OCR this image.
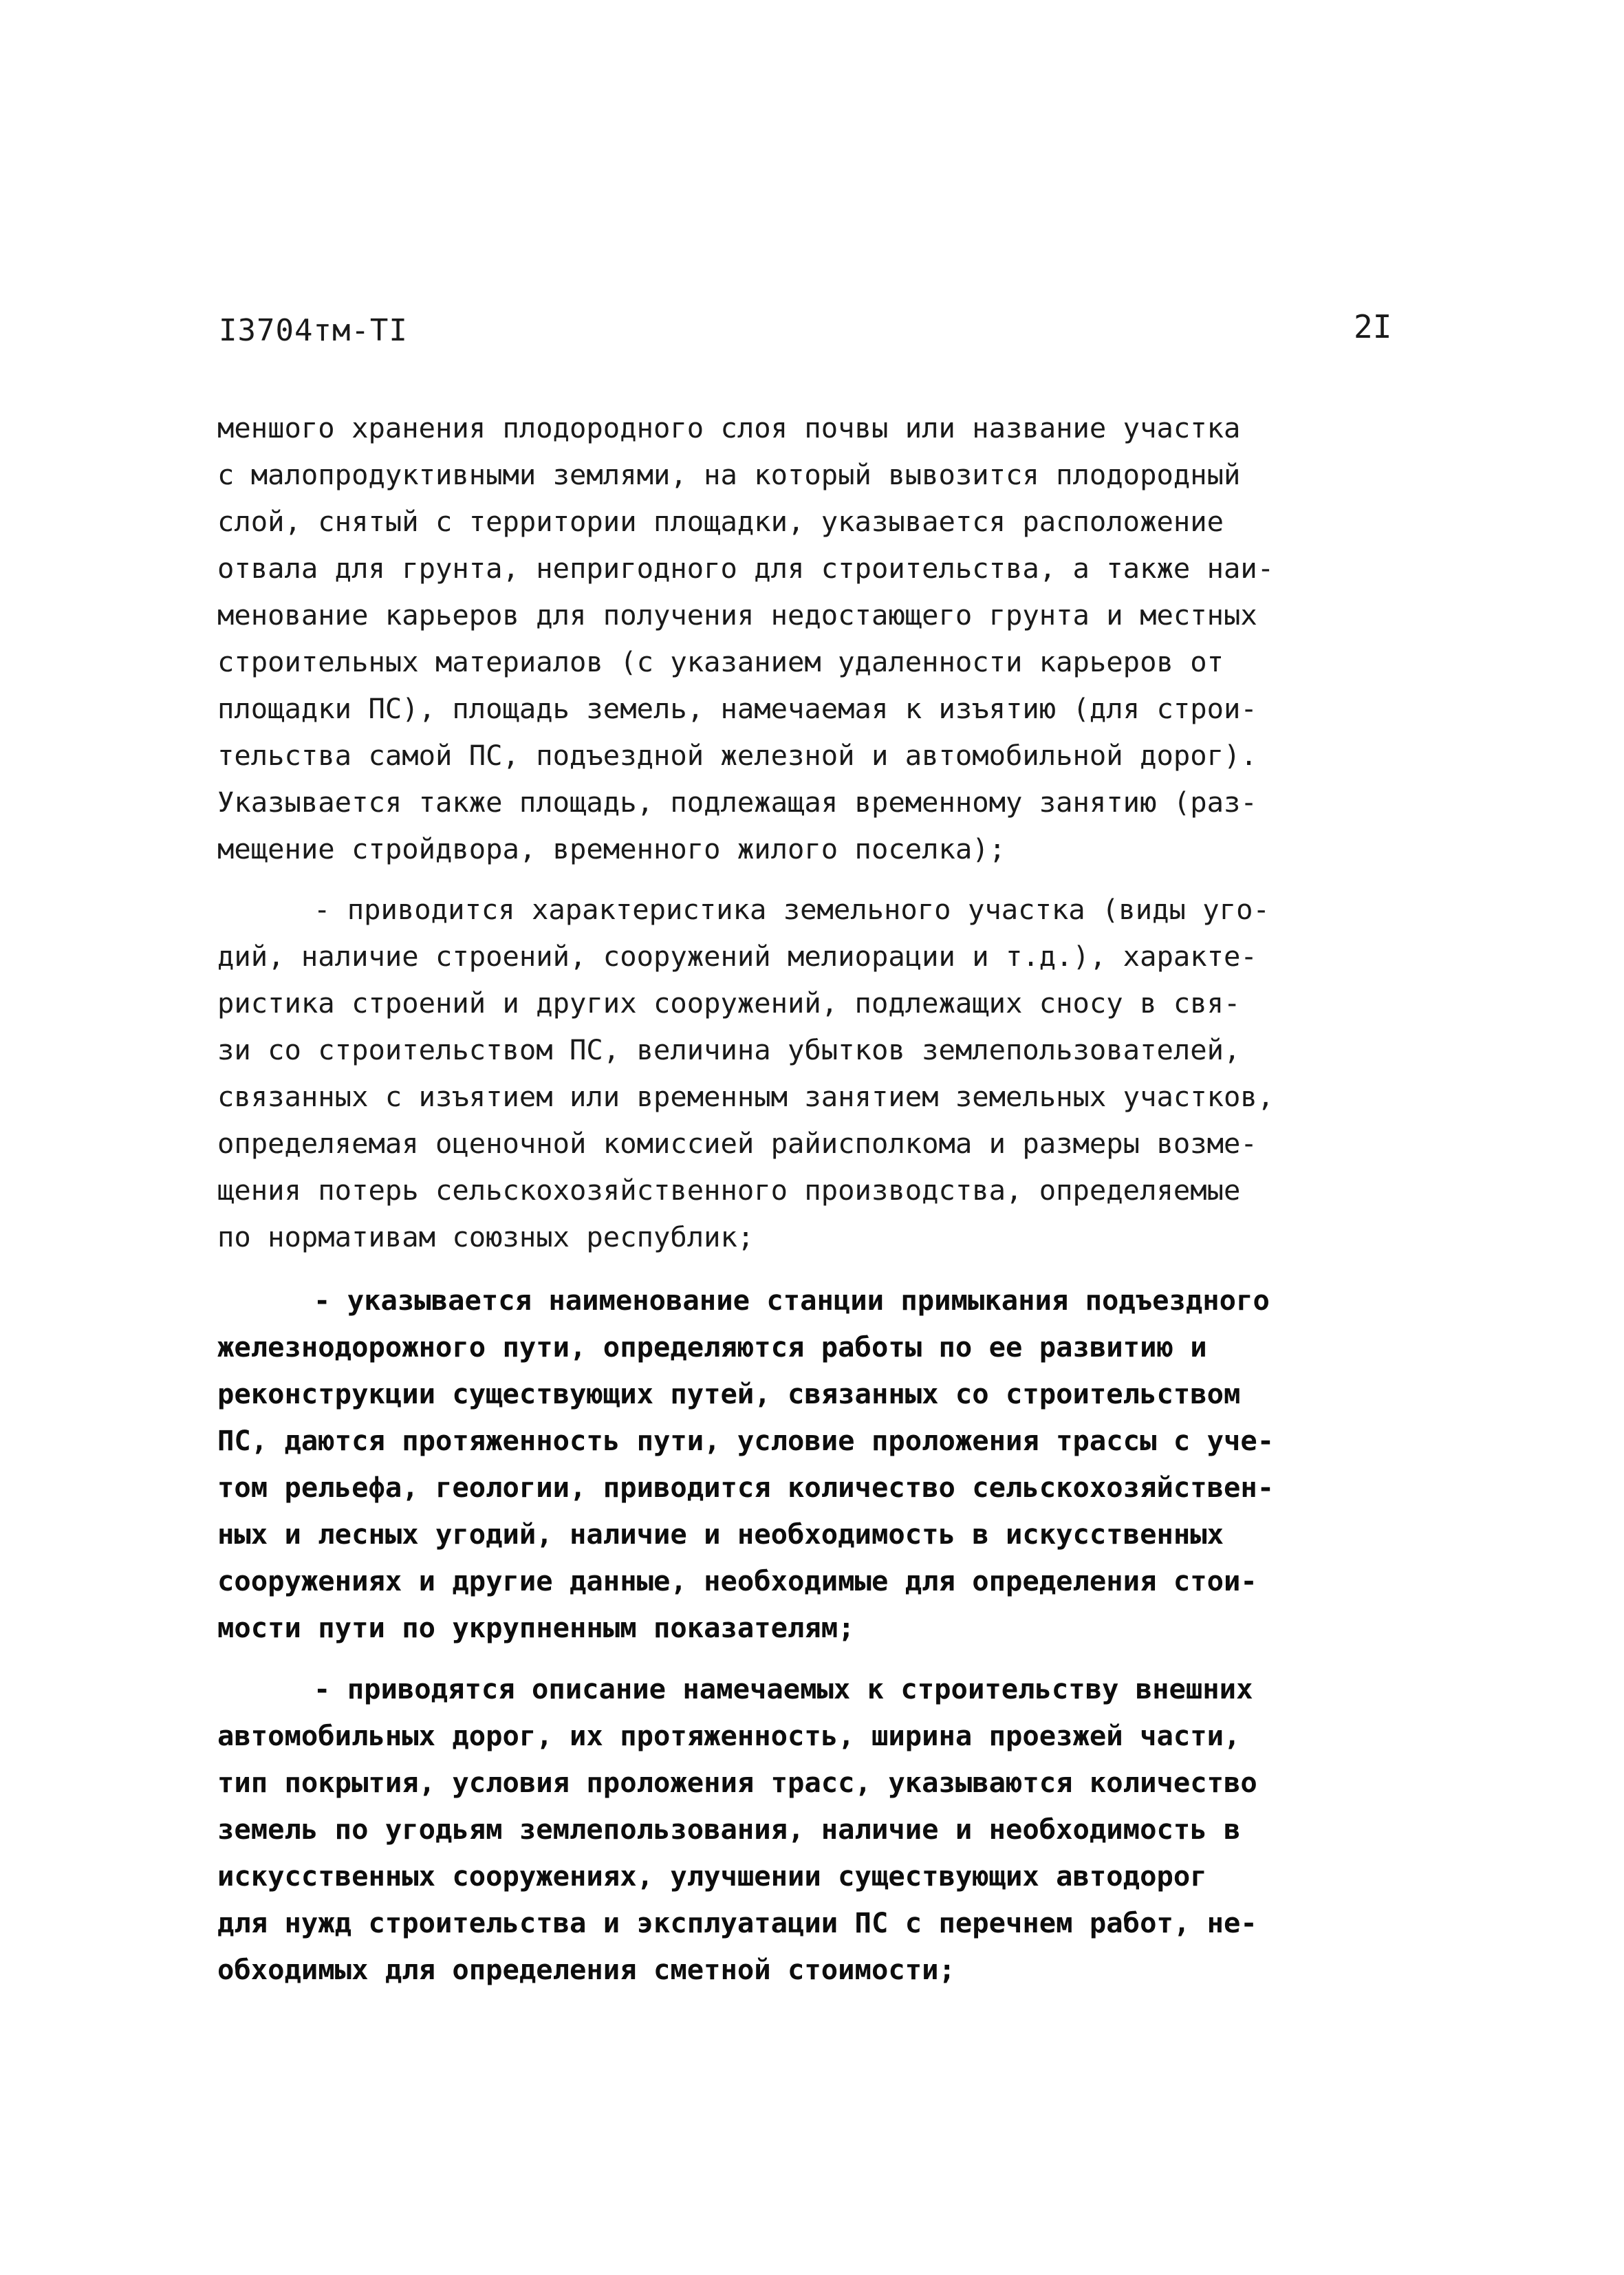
I3704тм-TI	2I
меншого хранения плодородного слоя почвы или название участка
с малопродуктивными землями, на который вывозится плодородный
слой, снятый с территории площадки, указывается расположение
отвала для грунта, непригодного для строительства, а также наи-
менование карьеров для получения недостающего грунта и местных
строительных материалов (с указанием удаленности карьеров от
площадки ПС), площадь земель, намечаемая к изъятию (для строи-
тельства самой ПС, подъездной железной и автомобильной дорог).
Указывается также площадь, подлежащая временному занятию (раз-
мещение стройдвора, временного жилого поселка);
- приводится характеристика земельного участка (виды уго-
дий, наличие строений, сооружений мелиорации и т.д.), характе-
ристика строений и других сооружений, подлежащих сносу в свя-
зи со строительством ПС, величина убытков землепользователей,
связанных с изъятием или временным занятием земельных участков,
определяемая оценочной комиссией райисполкома и размеры возме-
щения потерь сельскохозяйственного производства, определяемые
по нормативам союзных республик;
- указывается наименование станции примыкания подъездного
железнодорожного пути, определяются работы по ее развитию и
реконструкции существующих путей, связанных со строительством
ПС, даются протяженность пути, условие проложения трассы с уче-
том рельефа, геологии, приводится количество сельскохозяйствен-
ных и лесных угодий, наличие и необходимость в искусственных
сооружениях и другие данные, необходимые для определения стои-
мости пути по укрупненным показателям;
- приводятся описание намечаемых к строительству внешних
автомобильных дорог, их протяженность, ширина проезжей части,
тип покрытия, условия проложения трасс, указываются количество
земель по угодьям землепользования, наличие и необходимость в
искусственных сооружениях, улучшении существующих автодорог
для нужд строительства и эксплуатации ПС с перечнем работ, не-
обходимых для определения сметной стоимости;
